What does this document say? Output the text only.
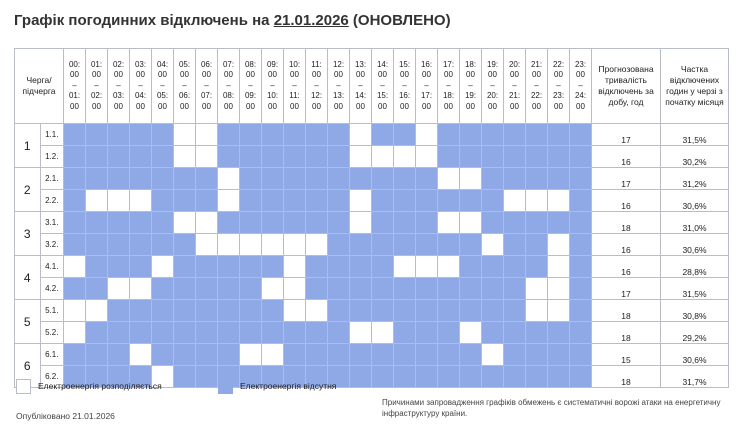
Графік погодинних відключень на 21.01.2026 (ОНОВЛЕНО)
Черга/ підчерга		00:
00
–
01:
00	01:
00
–
02:
00	02:
00
–
03:
00	03:
00
–
04:
00	04:
00
–
05:
00	05:
00
–
06:
00	06:
00
–
07:
00	07:
00
–
08:
00	08:
00
–
09:
00	09:
00
–
10:
00	10:
00
–
11:
00	11:
00
–
12:
00	12:
00
–
13:
00	13:
00
–
14:
00	14:
00
–
15:
00	15:
00
–
16:
00	16:
00
–
17:
00	17:
00
–
18:
00	18:
00
–
19:
00	19:
00
–
20:
00	20:
00
–
21:
00	21:
00
–
22:
00	22:
00
–
23:
00	23:
00
–
24:
00	Прогнозована тривалість відключень за добу, год	Частка відключених годин у черзі з початку місяця
1	1.1.																									17	31,5%
	1.2.																									16	30,2%
2	2.1.																									17	31,2%
	2.2.																									16	30,6%
3	3.1.																									18	31,0%
	3.2.																									16	30,6%
4	4.1.																									16	28,8%
	4.2.																									17	31,5%
5	5.1.																									18	30,8%
	5.2.																									18	29,2%
6	6.1.																									15	30,6%
	6.2.																									18	31,7%
Електроенергія розподіляється	Електроенергія відсутня
Причинами запровадження графіків обмежень є систематичні ворожі атаки на енергетичну інфраструктуру країни.
Опубліковано 21.01.2026
